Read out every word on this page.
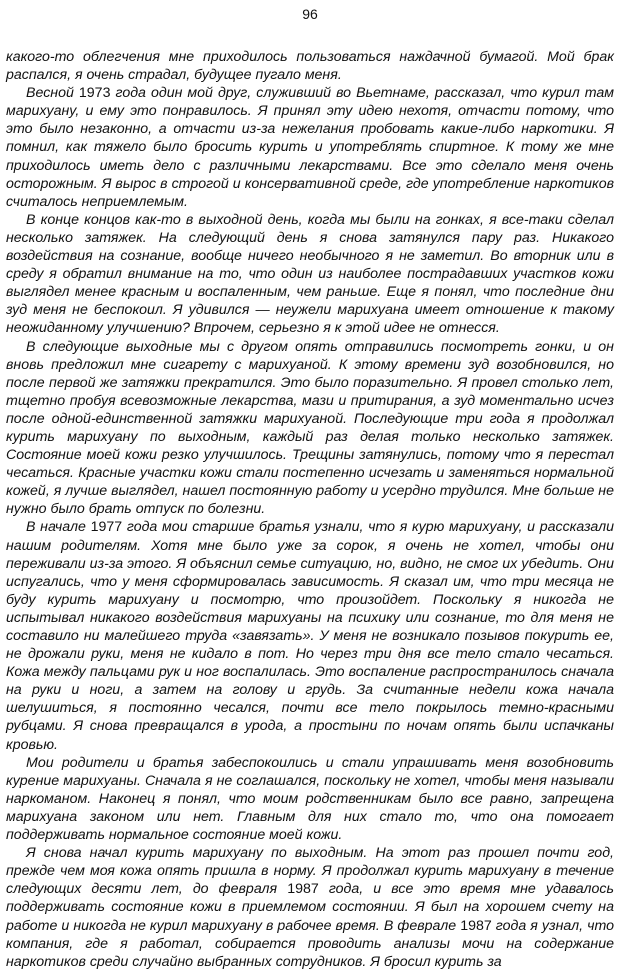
96

какого-то облегчения мне приходилось пользоваться наждачной бумагой. Мой брак распался, я очень страдал, будущее пугало меня.

Весной 1973 года один мой друг, служивший во Вьетнаме, рассказал, что курил там марихуану, и ему это понравилось. Я принял эту идею нехотя, отчасти потому, что это было незаконно, а отчасти из-за нежелания пробовать какие-либо наркотики. Я помнил, как тяжело было бросить курить и употреблять спиртное. К тому же мне приходилось иметь дело с различными лекарствами. Все это сделало меня очень осторожным. Я вырос в строгой и консервативной среде, где употребление наркотиков считалось неприемлемым.

В конце концов как-то в выходной день, когда мы были на гонках, я все-таки сделал несколько затяжек. На следующий день я снова затянулся пару раз. Никакого воздействия на сознание, вообще ничего необычного я не заметил. Во вторник или в среду я обратил внимание на то, что один из наиболее пострадавших участков кожи выглядел менее красным и воспаленным, чем раньше. Еще я понял, что последние дни зуд меня не беспокоил. Я удивился — неужели марихуана имеет отношение к такому неожиданному улучшению? Впрочем, серьезно я к этой идее не отнесся.

В следующие выходные мы с другом опять отправились посмотреть гонки, и он вновь предложил мне сигарету с марихуаной. К этому времени зуд возобновился, но после первой же затяжки прекратился. Это было поразительно. Я провел столько лет, тщетно пробуя всевозможные лекарства, мази и притирания, а зуд моментально исчез после одной-единственной затяжки марихуаной. Последующие три года я продолжал курить марихуану по выходным, каждый раз делая только несколько затяжек. Состояние моей кожи резко улучшилось. Трещины затянулись, потому что я перестал чесаться. Красные участки кожи стали постепенно исчезать и заменяться нормальной кожей, я лучше выглядел, нашел постоянную работу и усердно трудился. Мне больше не нужно было брать отпуск по болезни.

В начале 1977 года мои старшие братья узнали, что я курю марихуану, и рассказали нашим родителям. Хотя мне было уже за сорок, я очень не хотел, чтобы они переживали из-за этого. Я объяснил семье ситуацию, но, видно, не смог их убедить. Они испугались, что у меня сформировалась зависимость. Я сказал им, что три месяца не буду курить марихуану и посмотрю, что произойдет. Поскольку я никогда не испытывал никакого воздействия марихуаны на психику или сознание, то для меня не составило ни малейшего труда «завязать». У меня не возникало позывов покурить ее, не дрожали руки, меня не кидало в пот. Но через три дня все тело стало чесаться. Кожа между пальцами рук и ног воспалилась. Это воспаление распространилось сначала на руки и ноги, а затем на голову и грудь. За считанные недели кожа начала шелушиться, я постоянно чесался, почти все тело покрылось темно-красными рубцами. Я снова превращался в урода, а простыни по ночам опять были испачканы кровью.

Мои родители и братья забеспокоились и стали упрашивать меня возобновить курение марихуаны. Сначала я не соглашался, поскольку не хотел, чтобы меня называли наркоманом. Наконец я понял, что моим родственникам было все равно, запрещена марихуана законом или нет. Главным для них стало то, что она помогает поддерживать нормальное состояние моей кожи.

Я снова начал курить марихуану по выходным. На этот раз прошел почти год, прежде чем моя кожа опять пришла в норму. Я продолжал курить марихуану в течение следующих десяти лет, до февраля 1987 года, и все это время мне удавалось поддерживать состояние кожи в приемлемом состоянии. Я был на хорошем счету на работе и никогда не курил марихуану в рабочее время. В феврале 1987 года я узнал, что компания, где я работал, собирается проводить анализы мочи на содержание наркотиков среди случайно выбранных сотрудников. Я бросил курить за
